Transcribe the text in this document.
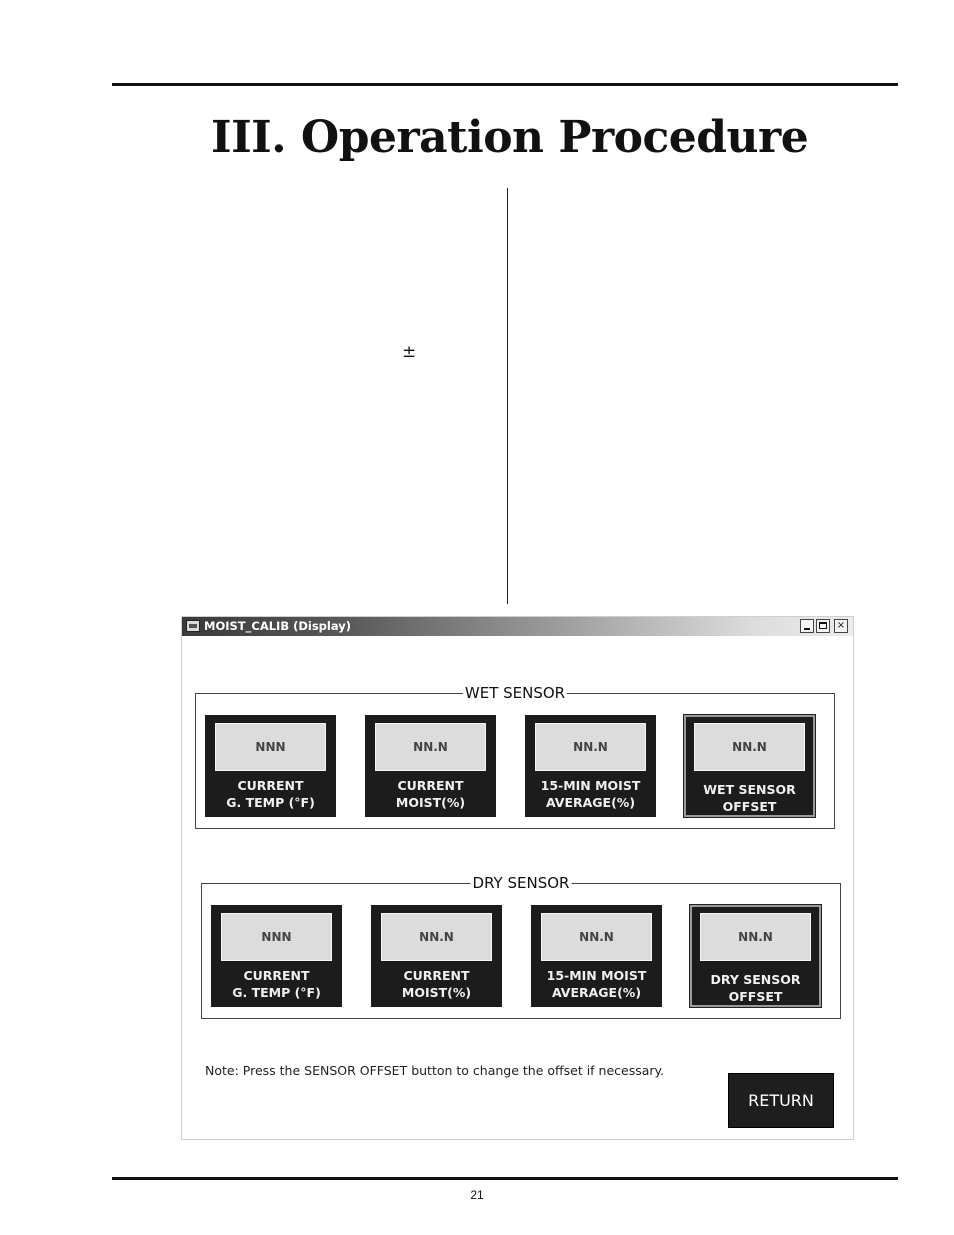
III. Operation Procedure
±
MOIST_CALIB (Display)	×
WET SENSOR
NNN
CURRENT
G. TEMP (°F)
NN.N
CURRENT
MOIST(%)
NN.N
15-MIN MOIST
AVERAGE(%)
NN.N
WET SENSOR
OFFSET
DRY SENSOR
NNN
CURRENT
G. TEMP (°F)
NN.N
CURRENT
MOIST(%)
NN.N
15-MIN MOIST
AVERAGE(%)
NN.N
DRY SENSOR
OFFSET
Note: Press the SENSOR OFFSET button to change the offset if necessary.
RETURN
21
